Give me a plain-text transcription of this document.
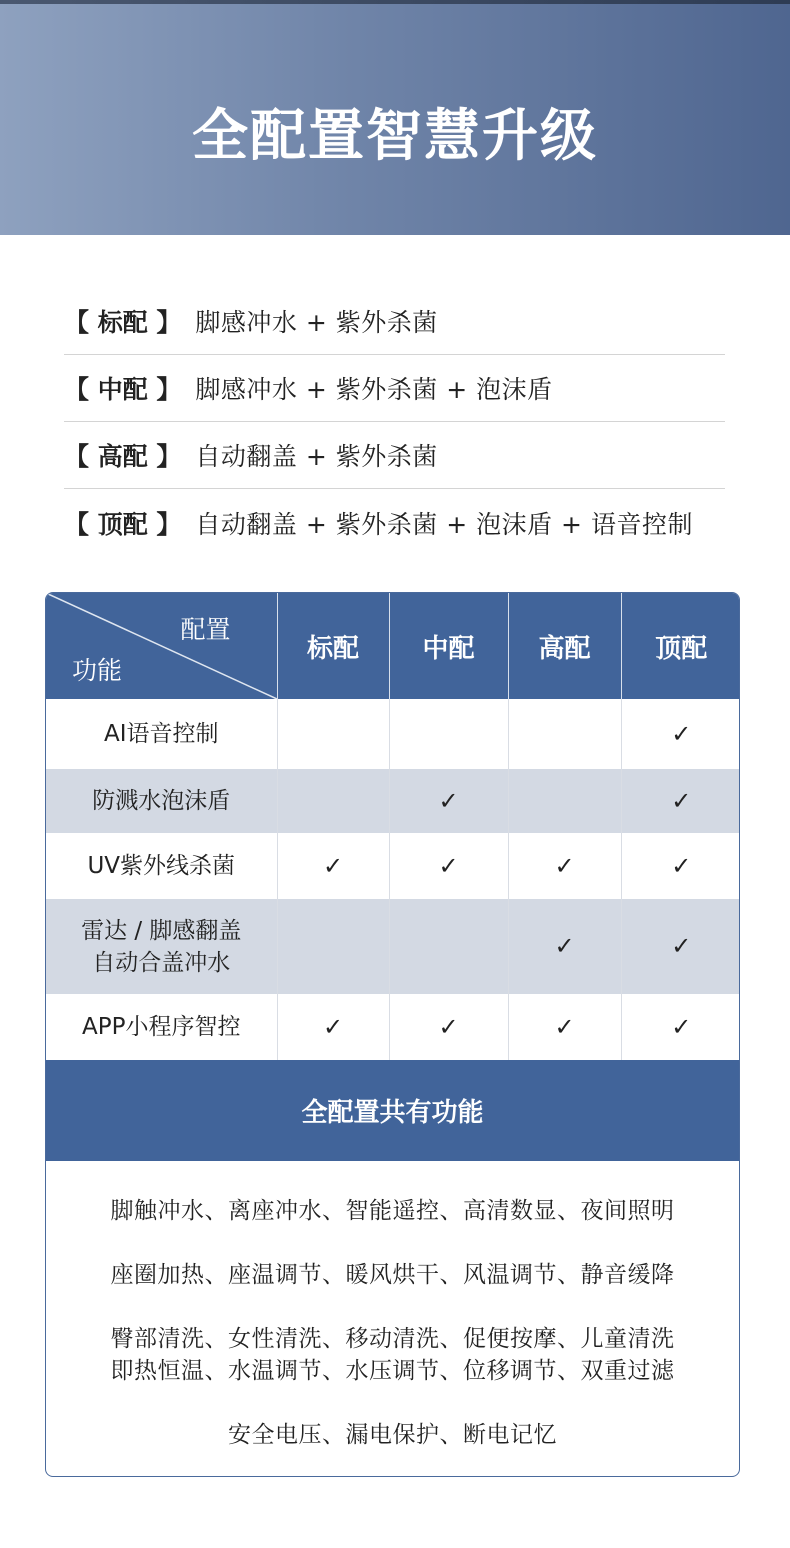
全配置智慧升级
【 标配 】 脚感冲水 + 紫外杀菌
【 中配 】 脚感冲水 + 紫外杀菌 + 泡沫盾
【 高配 】 自动翻盖 + 紫外杀菌
【 顶配 】 自动翻盖 + 紫外杀菌 + 泡沫盾 + 语音控制
配置
功能	标配	中配	高配	顶配
AI语音控制				✓
防溅水泡沫盾		✓		✓
UV紫外线杀菌	✓	✓	✓	✓

雷达 / 脚感翻盖
自动合盖冲水			✓	✓
APP小程序智控	✓	✓	✓	✓
全配置共有功能
脚触冲水、离座冲水、智能遥控、高清数显、夜间照明
座圈加热、座温调节、暖风烘干、风温调节、静音缓降
臀部清洗、女性清洗、移动清洗、促便按摩、儿童清洗
即热恒温、水温调节、水压调节、位移调节、双重过滤
安全电压、漏电保护、断电记忆
